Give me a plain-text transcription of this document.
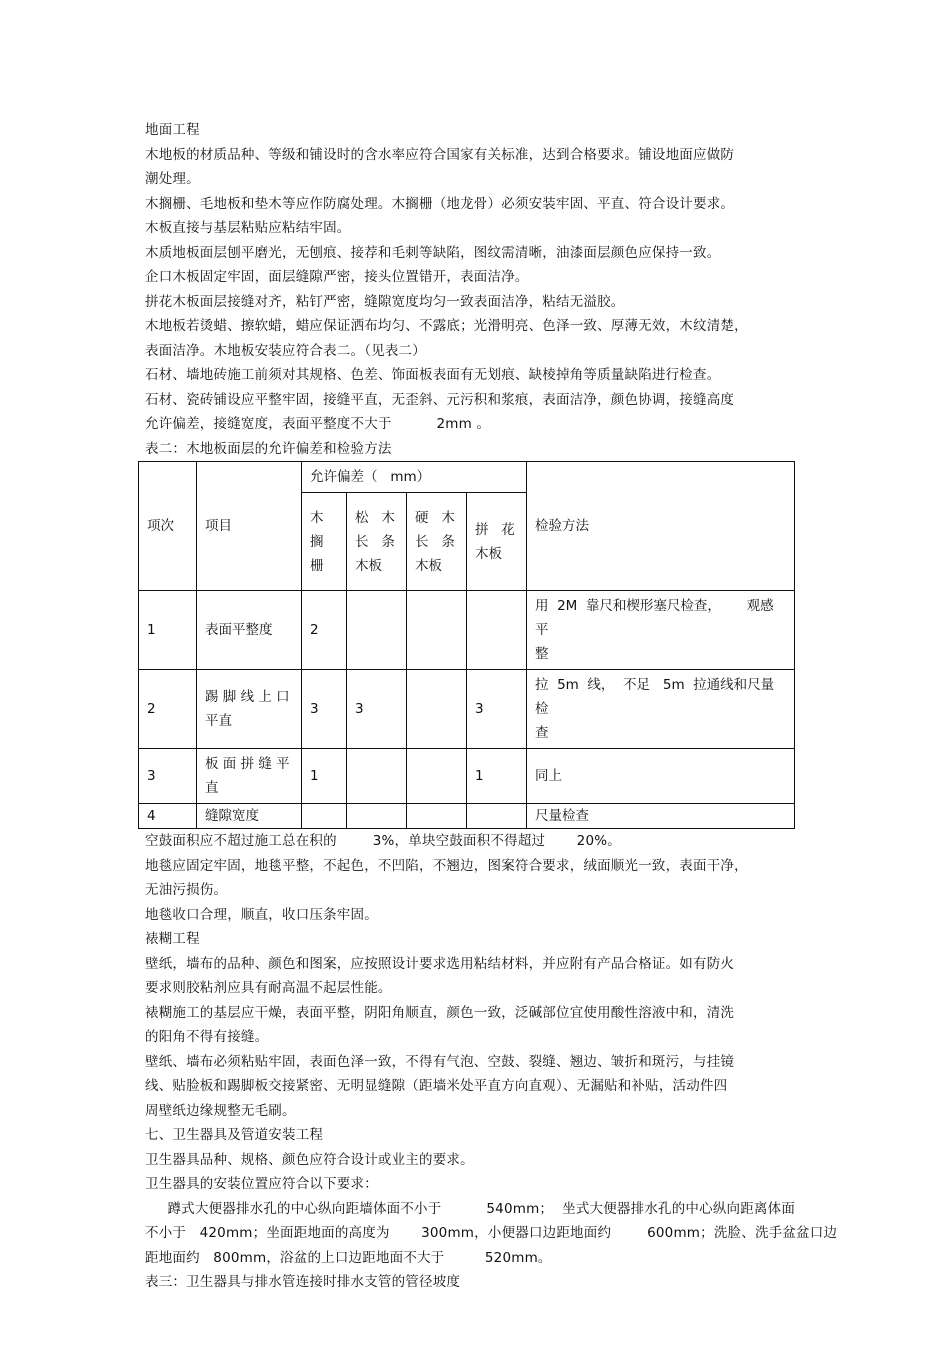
地面工程
木地板的材质品种、等级和铺设时的含水率应符合国家有关标准，达到合格要求。铺设地面应做防
潮处理。
木搁栅、毛地板和垫木等应作防腐处理。木搁栅（地龙骨）必须安装牢固、平直、符合设计要求。
木板直接与基层粘贴应粘结牢固。
木质地板面层刨平磨光，无刨痕、接荐和毛刺等缺陷，图纹需清晰，油漆面层颜色应保持一致。
企口木板固定牢固，面层缝隙严密，接头位置错开，表面洁净。
拼花木板面层接缝对齐，粘钉严密，缝隙宽度均匀一致表面洁净，粘结无溢胶。
木地板若烫蜡、擦软蜡，蜡应保证洒布均匀、不露底；光滑明亮、色泽一致、厚薄无效，木纹清楚，
表面洁净。木地板安装应符合表二。（见表二）
石材、墙地砖施工前须对其规格、色差、饰面板表面有无划痕、缺棱掉角等质量缺陷进行检查。
石材、瓷砖铺设应平整牢固，接缝平直，无歪斜、元污积和浆痕，表面洁净，颜色协调，接缝高度
允许偏差，接缝宽度，表面平整度不大于          2mm 。
表二：木地板面层的允许偏差和检验方法
项次	项目	允许偏差（   mm）				检验方法
		木
搁
栅	松   木
长   条
木板	硬   木
长   条
木板	拼   花
木板	
1	表面平整度	2				用  2M  靠尺和楔形塞尺检查，      观感平
整
2	踢 脚 线 上 口
平直	3	3		3	拉  5m  线，  不足   5m  拉通线和尺量检
查
3	板 面 拼 缝 平
直	1			1	同上
4	缝隙宽度					尺量检查
空鼓面积应不超过施工总在积的        3%，单块空鼓面积不得超过       20%。
地毯应固定牢固，地毯平整，不起色，不凹陷，不翘边，图案符合要求，绒面顺光一致，表面干净，
无油污损伤。
地毯收口合理，顺直，收口压条牢固。
裱糊工程
壁纸，墙布的品种、颜色和图案，应按照设计要求选用粘结材料，并应附有产品合格证。如有防火
要求则胶粘剂应具有耐高温不起层性能。
裱糊施工的基层应干燥，表面平整，阴阳角顺直，颜色一致，泛碱部位宜使用酸性溶液中和，清洗
的阳角不得有接缝。
壁纸、墙布必须粘贴牢固，表面色泽一致，不得有气泡、空鼓、裂缝、翘边、皱折和斑污，与挂镜
线、贴脸板和踢脚板交接紧密、无明显缝隙（距墙米处平直方向直观）、无漏贴和补贴，活动件四
周壁纸边缘规整无毛刷。
七、卫生器具及管道安装工程
卫生器具品种、规格、颜色应符合设计或业主的要求。
卫生器具的安装位置应符合以下要求：
蹲式大便器排水孔的中心纵向距墙体面不小于          540mm；  坐式大便器排水孔的中心纵向距离体面
不小于   420mm；坐面距地面的高度为       300mm，小便器口边距地面约        600mm；洗脸、洗手盆盆口边
距地面约   800mm，浴盆的上口边距地面不大于         520mm。
表三：卫生器具与排水管连接时排水支管的管径坡度
